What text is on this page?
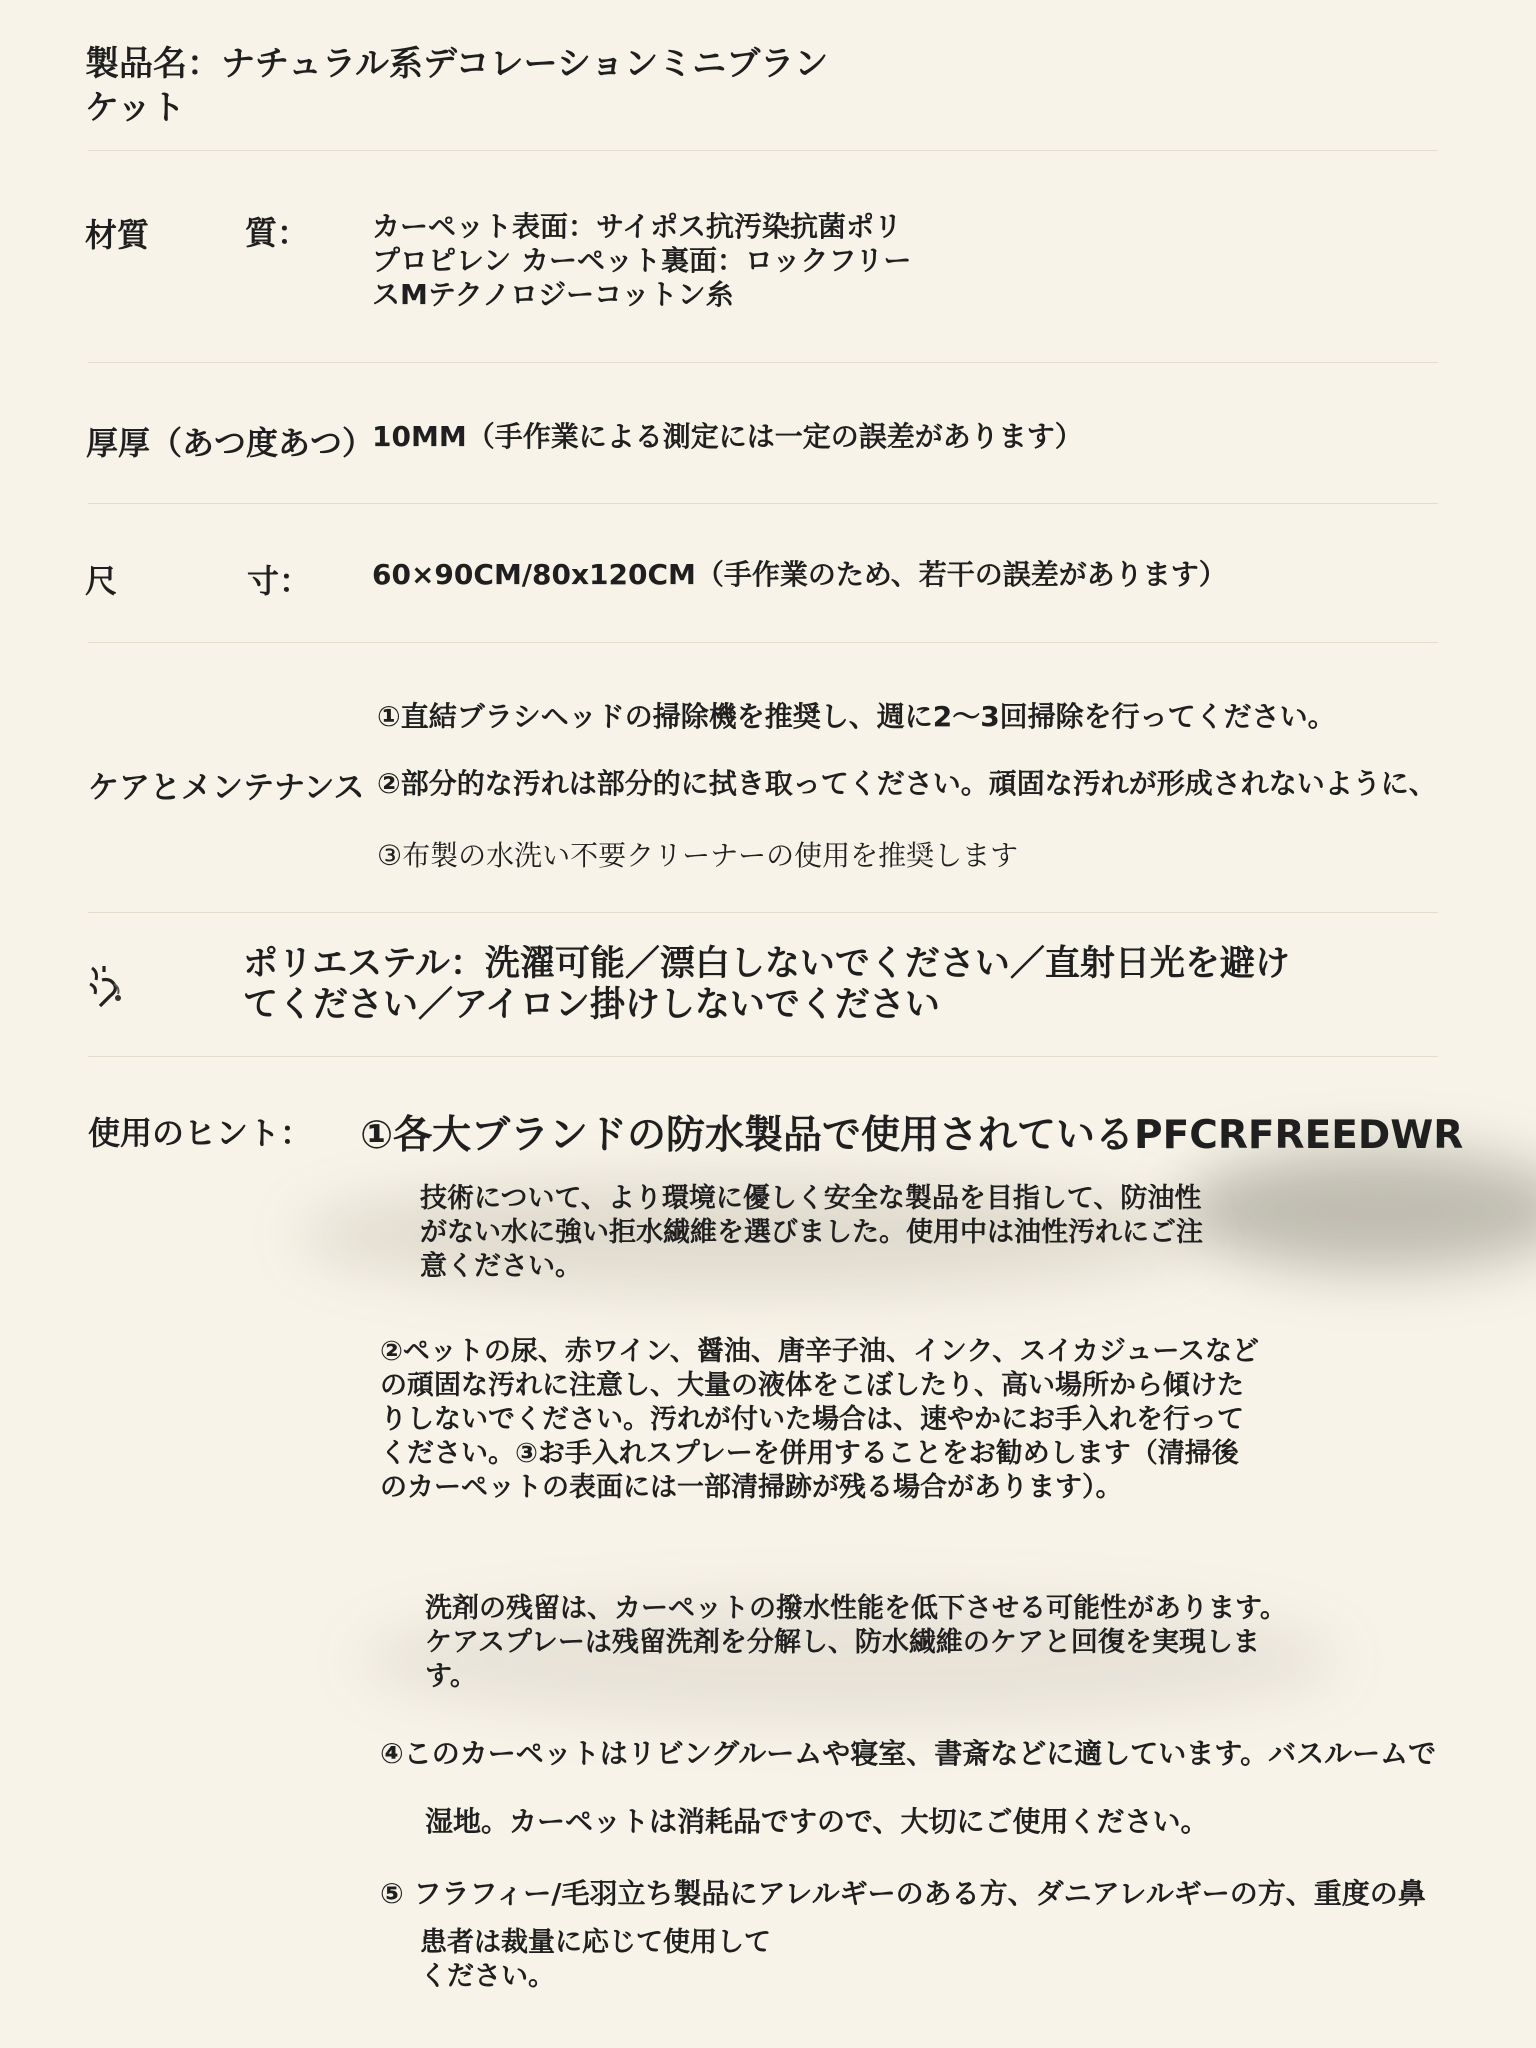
製品名：ナチュラル系デコレーションミニブランケット
材質	質： カーペット表面：サイポス抗汚染抗菌ポリプロピレン カーペット裏面：ロックフリースMテクノロジーコットン糸
厚厚（あつ度あつ）
10MM（手作業による測定には一定の誤差があります）
尺	寸： 60×90CM/80x120CM（手作業のため、若干の誤差があります）
①直結ブラシヘッドの掃除機を推奨し、週に2〜3回掃除を行ってください。
ケアとメンテナンス ②部分的な汚れは部分的に拭き取ってください。頑固な汚れが形成されないように、
③布製の水洗い不要クリーナーの使用を推奨します
ポリエステル：洗濯可能／漂白しないでください／直射日光を避けてください／アイロン掛けしないでください
使用のヒント： ①各大ブランドの防水製品で使用されているPFCRFREEDWR
技術について、より環境に優しく安全な製品を目指して、防油性がない水に強い拒水繊維を選びました。使用中は油性汚れにご注意ください。
②ペットの尿、赤ワイン、醤油、唐辛子油、インク、スイカジュースなどの頑固な汚れに注意し、大量の液体をこぼしたり、高い場所から傾けたりしないでください。汚れが付いた場合は、速やかにお手入れを行ってください。③お手入れスプレーを併用することをお勧めします（清掃後のカーペットの表面には一部清掃跡が残る場合があります）。
洗剤の残留は、カーペットの撥水性能を低下させる可能性があります。ケアスプレーは残留洗剤を分解し、防水繊維のケアと回復を実現します。
④このカーペットはリビングルームや寝室、書斎などに適しています。バスルームで
湿地。カーペットは消耗品ですので、大切にご使用ください。
⑤ フラフィー/毛羽立ち製品にアレルギーのある方、ダニアレルギーの方、重度の鼻
患者は裁量に応じて使用してください。
